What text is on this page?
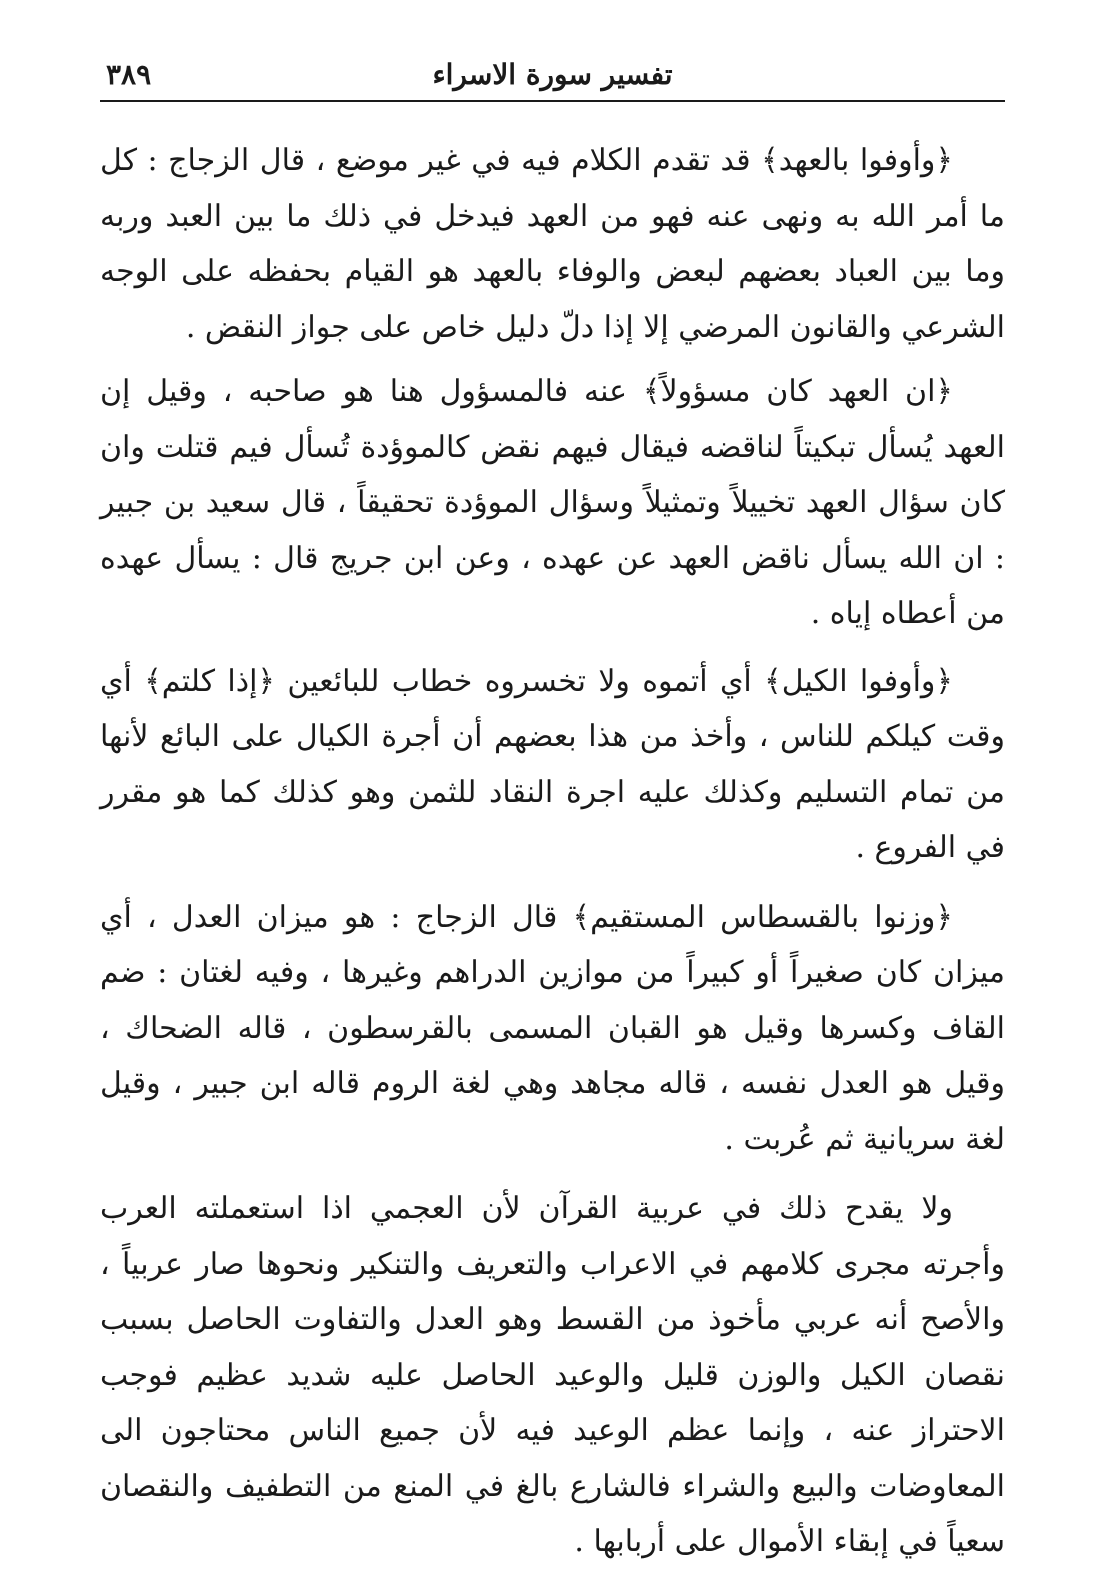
تفسير سورة الاسراء
٣٨٩

﴿وأوفوا بالعهد﴾ قد تقدم الكلام فيه في غير موضع ، قال الزجاج : كل ما أمر الله به ونهى عنه فهو من العهد فيدخل في ذلك ما بين العبد وربه وما بين العباد بعضهم لبعض والوفاء بالعهد هو القيام بحفظه على الوجه الشرعي والقانون المرضي إلا إذا دلّ دليل خاص على جواز النقض .

﴿ان العهد كان مسؤولاً﴾ عنه فالمسؤول هنا هو صاحبه ، وقيل إن العهد يُسأل تبكيتاً لناقضه فيقال فيهم نقض كالموؤدة تُسأل فيم قتلت وان كان سؤال العهد تخييلاً وتمثيلاً وسؤال الموؤدة تحقيقاً ، قال سعيد بن جبير : ان الله يسأل ناقض العهد عن عهده ، وعن ابن جريج قال : يسأل عهده من أعطاه إياه .

﴿وأوفوا الكيل﴾ أي أتموه ولا تخسروه خطاب للبائعين ﴿إذا كلتم﴾ أي وقت كيلكم للناس ، وأخذ من هذا بعضهم أن أجرة الكيال على البائع لأنها من تمام التسليم وكذلك عليه اجرة النقاد للثمن وهو كذلك كما هو مقرر في الفروع .

﴿وزنوا بالقسطاس المستقيم﴾ قال الزجاج : هو ميزان العدل ، أي ميزان كان صغيراً أو كبيراً من موازين الدراهم وغيرها ، وفيه لغتان : ضم القاف وكسرها وقيل هو القبان المسمى بالقرسطون ، قاله الضحاك ، وقيل هو العدل نفسه ، قاله مجاهد وهي لغة الروم قاله ابن جبير ، وقيل لغة سريانية ثم عُربت .

ولا يقدح ذلك في عربية القرآن لأن العجمي اذا استعملته العرب وأجرته مجرى كلامهم في الاعراب والتعريف والتنكير ونحوها صار عربياً ، والأصح أنه عربي مأخوذ من القسط وهو العدل والتفاوت الحاصل بسبب نقصان الكيل والوزن قليل والوعيد الحاصل عليه شديد عظيم فوجب الاحتراز عنه ، وإنما عظم الوعيد فيه لأن جميع الناس محتاجون الى المعاوضات والبيع والشراء فالشارع بالغ في المنع من التطفيف والنقصان سعياً في إبقاء الأموال على أربابها .
